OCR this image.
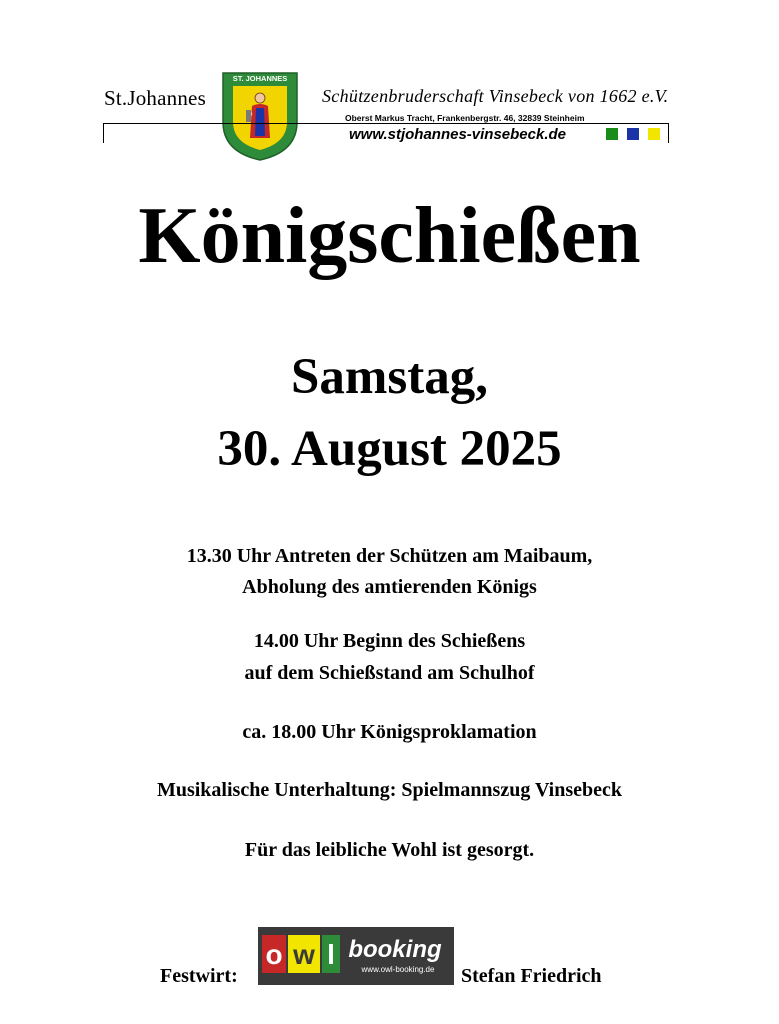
St.Johannes
ST. JOHANNES
Schützenbruderschaft Vinsebeck von 1662 e.V.
Oberst Markus Tracht, Frankenbergstr. 46, 32839 Steinheim
www.stjohannes-vinsebeck.de
Königschießen
Samstag,
30. August 2025
13.30 Uhr Antreten der Schützen am Maibaum,
Abholung des amtierenden Königs
14.00 Uhr Beginn des Schießens
auf dem Schießstand am Schulhof
ca. 18.00 Uhr Königsproklamation
Musikalische Unterhaltung: Spielmannszug Vinsebeck
Für das leibliche Wohl ist gesorgt.
Festwirt:
o w l booking
www.owl-booking.de Stefan Friedrich
